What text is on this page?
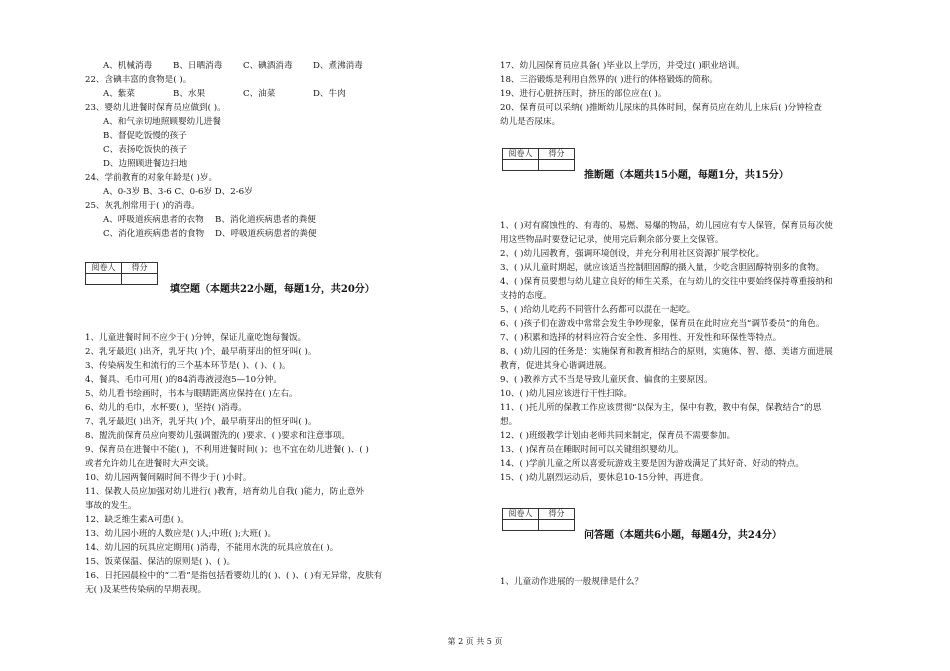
A、机械消毒 B、日晒消毒 C、碘酒消毒 D、煮沸消毒
22、含碘丰富的食物是( )。
A、紫菜	B、水果	C、油菜	D、牛肉
23、婴幼儿进餐时保育员应做到( )。
A、和气亲切地照顾婴幼儿进餐
B、督促吃饭慢的孩子
C、表扬吃饭快的孩子
D、边照顾进餐边扫地
24、学前教育的对象年龄是( )岁。
A、0-3岁 B、3-6 C、0-6岁 D、2-6岁
25、灰乳剂常用于( )的消毒。
A、呼吸道疾病患者的衣物 B、消化道疾病患者的粪便
C、消化道疾病患者的食物 D、呼吸道疾病患者的粪便
1、儿童进餐时间不应少于( )分钟，保证儿童吃饱每餐饭。
2、乳牙最迟( )出齐，乳牙共( )个，最早萌芽出的恒牙叫( )。
3、传染病发生和流行的三个基本环节是( )、( )、( )。
4、餐具、毛巾可用( )的84消毒液浸泡5—10分钟。
5、幼儿看书绘画时，书本与眼睛距离应保持在( )左右。
6、幼儿的毛巾，水杯要( )，坚持( )消毒。
7、乳牙最迟( )出齐，乳牙共( )个，最早萌芽出的恒牙叫( )。
8、盥洗前保育员应向婴幼儿强调盥洗的( )要求、( )要求和注意事项。
9、保育员在进餐中不能( )，不利用进餐时间( )；也不宜在幼儿进餐( )、( )
或者允许幼儿在进餐时大声交谈。
10、幼儿园两餐间隔时间不得少于( )小时。
11、保教人员应加强对幼儿进行( )教育，培育幼儿自我( )能力，防止意外
事故的发生。
12、缺乏维生素A可患( )。
13、幼儿园小班的人数应是( )人;中班( );大班( )。
14、幼儿园的玩具应定期用( )消毒，不能用水洗的玩具应放在( )。
15、饭菜保温、保洁的原则是( )、( )。
16、日托园晨检中的“二看”是指包括看婴幼儿的( )、( )、( )有无异常，皮肤有
无( )及某些传染病的早期表现。
17、幼儿园保育员应具备( )毕业以上学历，并受过( )职业培训。
18、三浴锻炼是利用自然界的( )进行的体格锻炼的简称。
19、进行心脏挤压时，挤压的部位应在( )。
20、保育员可以采纳( )推断幼儿尿床的具体时间，保育员应在幼儿上床后( )分钟检查
幼儿是否尿床。
1、( )对有腐蚀性的、有毒的、易燃、易爆的物品，幼儿园应有专人保管，保育员每次使
用这些物品时要登记记录，使用完后剩余部分要上交保管。
2、( )幼儿园教育，强调环境创设，并充分利用社区资源扩展学校化。
3、( )从儿童时期起，就应该适当控制胆固醇的摄入量，少吃含胆固醇特别多的食物。
4、( )保育员要想与幼儿建立良好的师生关系，在与幼儿的交往中要始终保持尊重接纳和
支持的态度。
5、( )给幼儿吃药不同管什么药都可以混在一起吃。
6、( )孩子们在游戏中常常会发生争吵现象，保育员在此时应充当“调节委员”的角色。
7、( )积累和选择的材料应符合安全性、多用性、开发性和环保性等特点。
8、( )幼儿园的任务是：实施保育和教育相结合的原则，实施体、智、德、美诸方面进展
教育，促进其身心谐调进展。
9、( )教养方式不当是导致儿童厌食、偏食的主要原因。
10、( )幼儿园应该进行干性扫除。
11、( )托儿所的保教工作应该贯彻“以保为主，保中有教，教中有保，保教结合”的思
想。
12、( )班级教学计划由老师共同来制定，保育员不需要参加。
13、( )保育员在睡眠时间可以关键组织婴幼儿。
14、( )学前儿童之所以喜爱玩游戏主要是因为游戏满足了其好奇、好动的特点。
15、( )幼儿剧烈运动后，要休息10-15分钟，再进食。
1、儿童动作进展的一般规律是什么？
阅卷人	得分

填空题（本题共22小题，每题1分，共20分）
阅卷人	得分

推断题（本题共15小题，每题1分，共15分）
阅卷人	得分

问答题（本题共6小题，每题4分，共24分）
第 2 页 共 5 页
